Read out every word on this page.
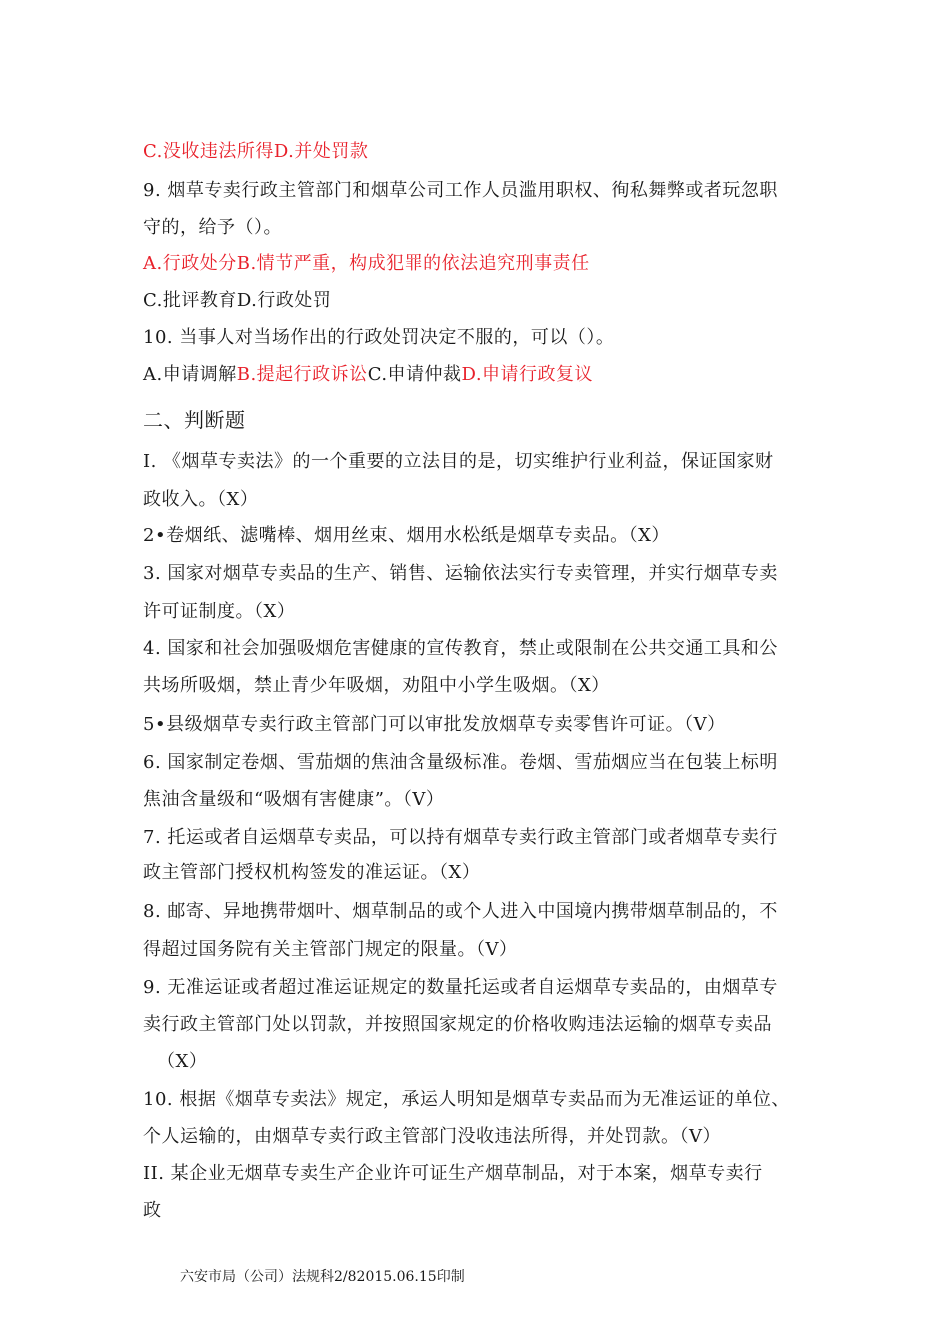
C.没收违法所得D.并处罚款
9. 烟草专卖行政主管部门和烟草公司工作人员滥用职权、徇私舞弊或者玩忽职
守的，给予（）。
A.行政处分B.情节严重，构成犯罪的依法追究刑事责任
C.批评教育D.行政处罚
10. 当事人对当场作出的行政处罚决定不服的，可以（）。
A.申请调解B.提起行政诉讼C.申请仲裁D.申请行政复议
二、判断题
I. 《烟草专卖法》的一个重要的立法目的是，切实维护行业利益，保证国家财
政收入。（X）
2•卷烟纸、滤嘴棒、烟用丝束、烟用水松纸是烟草专卖品。（X）
3. 国家对烟草专卖品的生产、销售、运输依法实行专卖管理，并实行烟草专卖
许可证制度。（X）
4. 国家和社会加强吸烟危害健康的宣传教育，禁止或限制在公共交通工具和公
共场所吸烟，禁止青少年吸烟，劝阻中小学生吸烟。（X）
5•县级烟草专卖行政主管部门可以审批发放烟草专卖零售许可证。（V）
6. 国家制定卷烟、雪茄烟的焦油含量级标准。卷烟、雪茄烟应当在包装上标明
焦油含量级和“吸烟有害健康”。（V）
7. 托运或者自运烟草专卖品，可以持有烟草专卖行政主管部门或者烟草专卖行
政主管部门授权机构签发的准运证。（X）
8. 邮寄、异地携带烟叶、烟草制品的或个人进入中国境内携带烟草制品的，不
得超过国务院有关主管部门规定的限量。（V）
9. 无准运证或者超过准运证规定的数量托运或者自运烟草专卖品的，由烟草专
卖行政主管部门处以罚款，并按照国家规定的价格收购违法运输的烟草专卖品
（X）
10. 根据《烟草专卖法》规定，承运人明知是烟草专卖品而为无准运证的单位、
个人运输的，由烟草专卖行政主管部门没收违法所得，并处罚款。（V）
II. 某企业无烟草专卖生产企业许可证生产烟草制品，对于本案，烟草专卖行
政
六安市局（公司）法规科2/82015.06.15印制
